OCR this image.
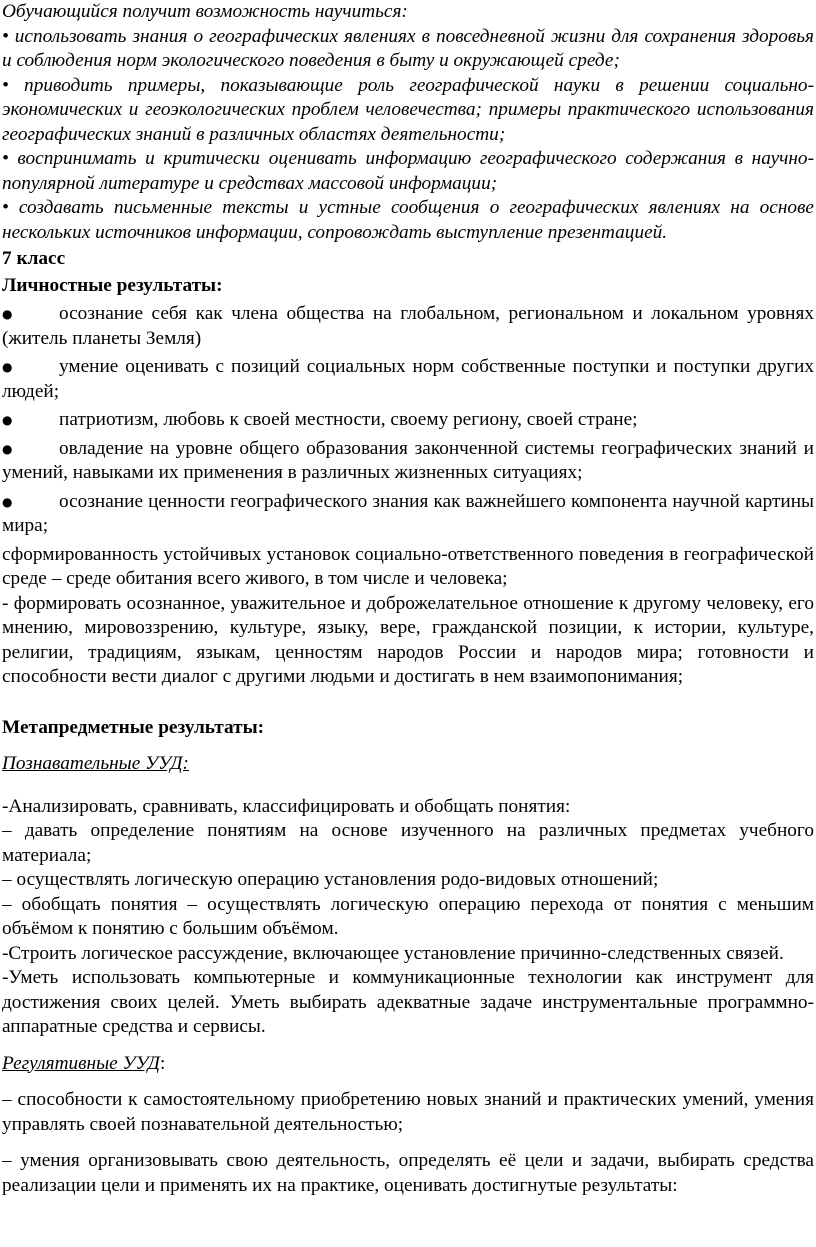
Обучающийся получит возможность научиться:

• использовать знания о географических явлениях в повседневной жизни для сохранения здоровья и соблюдения норм экологического поведения в быту и окружающей среде;

• приводить примеры, показывающие роль географической науки в решении социально-экономических и геоэкологических проблем человечества; примеры практического использования географических знаний в различных областях деятельности;

• воспринимать и критически оценивать информацию географического содержания в научно-популярной литературе и средствах массовой информации;

• создавать письменные тексты и устные сообщения о географических явлениях на основе нескольких источников информации, сопровождать выступление презентацией.

7 класс

Личностные результаты:

● осознание себя как члена общества на глобальном, региональном и локальном уровнях (житель планеты Земля)

● умение оценивать с позиций социальных норм собственные поступки и поступки других людей;

● патриотизм, любовь к своей местности, своему региону, своей стране;

● овладение на уровне общего образования законченной системы географических знаний и умений, навыками их применения в различных жизненных ситуациях;

● осознание ценности географического знания как важнейшего компонента научной картины мира;

сформированность устойчивых установок социально-ответственного поведения в географической среде – среде обитания всего живого, в том числе и человека;

- формировать осознанное, уважительное и доброжелательное отношение к другому человеку, его мнению, мировоззрению, культуре, языку, вере, гражданской позиции, к истории, культуре, религии, традициям, языкам, ценностям народов России и народов мира; готовности и способности вести диалог с другими людьми и достигать в нем взаимопонимания;

Метапредметные результаты:

Познавательные УУД:

-Анализировать, сравнивать, классифицировать и обобщать понятия:

– давать определение понятиям на основе изученного на различных предметах учебного материала;

– осуществлять логическую операцию установления родо-видовых отношений;

– обобщать понятия – осуществлять логическую операцию перехода от понятия с меньшим объёмом к понятию с большим объёмом.

-Строить логическое рассуждение, включающее установление причинно-следственных связей.

-Уметь использовать компьютерные и коммуникационные технологии как инструмент для достижения своих целей. Уметь выбирать адекватные задаче инструментальные программно-аппаратные средства и сервисы.

Регулятивные УУД:

– способности к самостоятельному приобретению новых знаний и практических умений, умения управлять своей познавательной деятельностью;

– умения организовывать свою деятельность, определять её цели и задачи, выбирать средства реализации цели и применять их на практике, оценивать достигнутые результаты:
